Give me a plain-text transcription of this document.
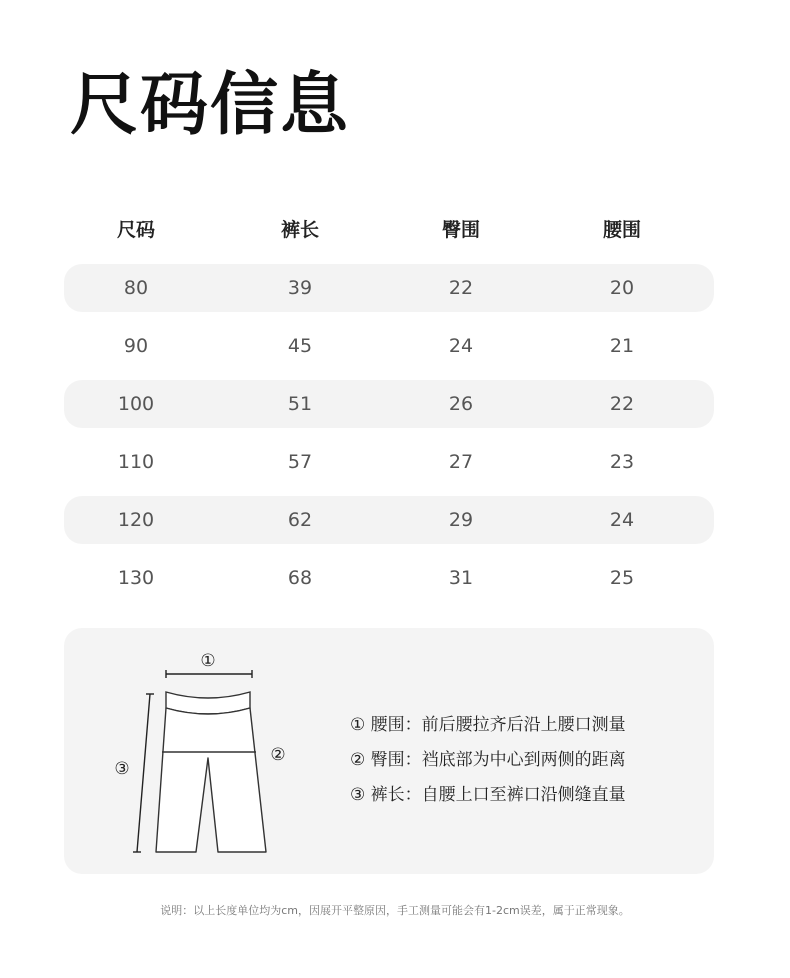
尺码信息
尺码	裤长	臀围	腰围
80	39	22	20
90	45	24	21
100	51	26	22
110	57	27	23
120	62	29	24
130	68	31	25
①
②
③
① 腰围：前后腰拉齐后沿上腰口测量
② 臀围：裆底部为中心到两侧的距离
③ 裤长：自腰上口至裤口沿侧缝直量
说明：以上长度单位均为cm，因展开平整原因，手工测量可能会有1-2cm误差，属于正常现象。
